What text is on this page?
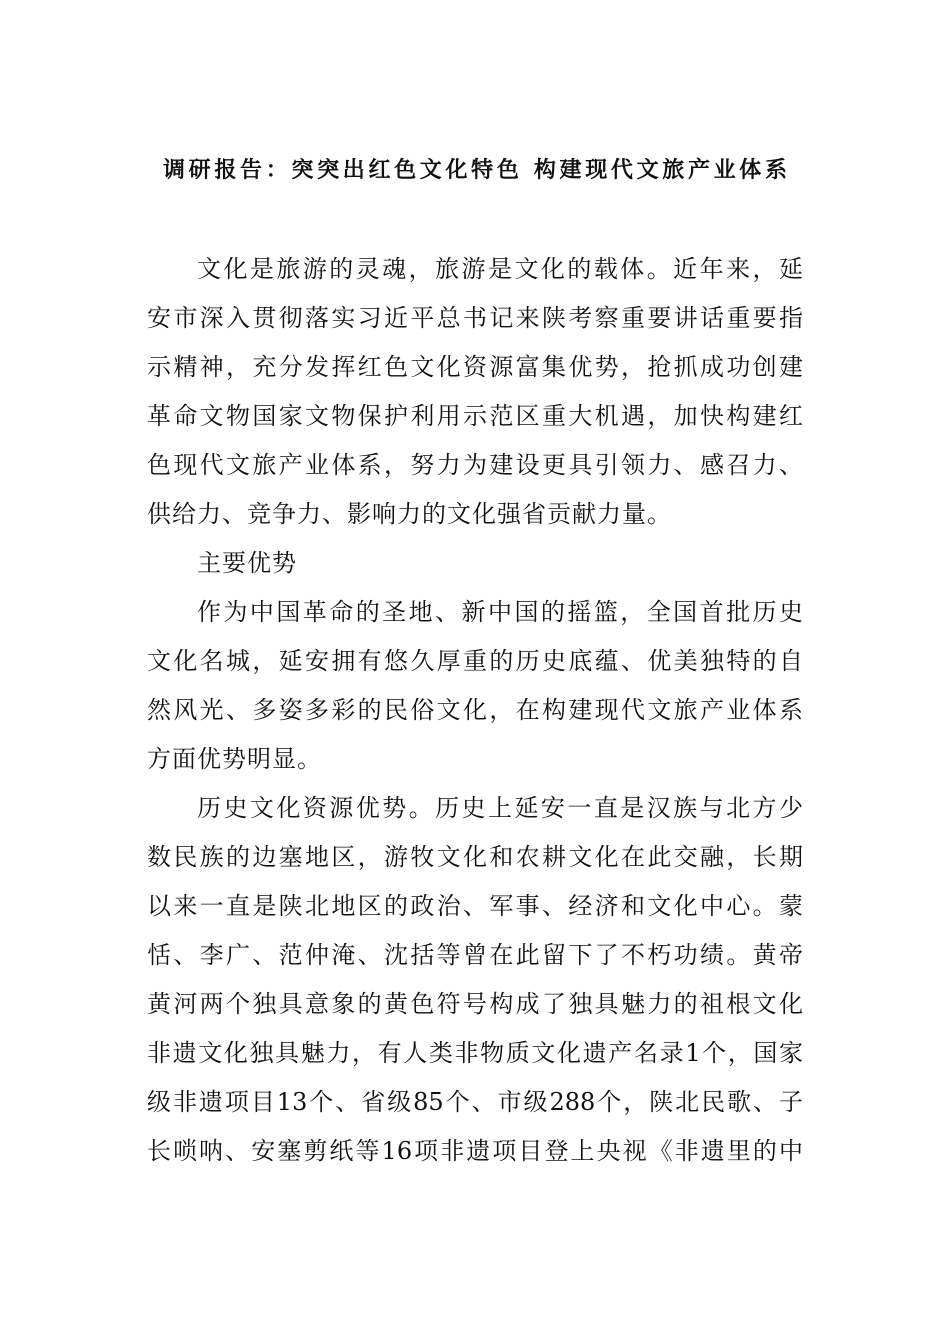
调研报告：突突出红色文化特色 构建现代文旅产业体系
文化是旅游的灵魂，旅游是文化的载体。近年来，延
安市深入贯彻落实习近平总书记来陕考察重要讲话重要指
示精神，充分发挥红色文化资源富集优势，抢抓成功创建
革命文物国家文物保护利用示范区重大机遇，加快构建红
色现代文旅产业体系，努力为建设更具引领力、感召力、
供给力、竞争力、影响力的文化强省贡献力量。
主要优势
作为中国革命的圣地、新中国的摇篮，全国首批历史
文化名城，延安拥有悠久厚重的历史底蕴、优美独特的自
然风光、多姿多彩的民俗文化，在构建现代文旅产业体系
方面优势明显。
历史文化资源优势。历史上延安一直是汉族与北方少
数民族的边塞地区，游牧文化和农耕文化在此交融，长期
以来一直是陕北地区的政治、军事、经济和文化中心。蒙
恬、李广、范仲淹、沈括等曾在此留下了不朽功绩。黄帝
黄河两个独具意象的黄色符号构成了独具魅力的祖根文化
非遗文化独具魅力，有人类非物质文化遗产名录1个，国家
级非遗项目13个、省级85个、市级288个，陕北民歌、子
长唢呐、安塞剪纸等16项非遗项目登上央视《非遗里的中
